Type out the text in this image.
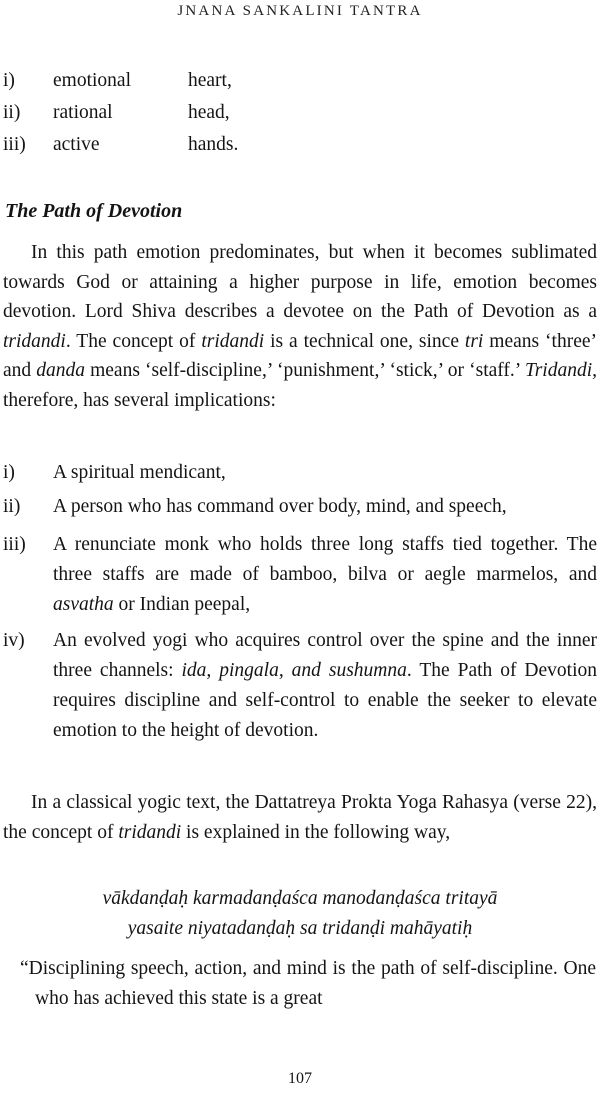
JNANA SANKALINI TANTRA
i) emotional	heart,
ii) rational	head,
iii) active	hands.
The Path of Devotion

In this path emotion predominates, but when it becomes sublimated towards God or attaining a higher purpose in life, emotion becomes devotion. Lord Shiva describes a devotee on the Path of Devotion as a tridandi. The concept of tridandi is a technical one, since tri means ‘three’ and danda means ‘self-discipline,’ ‘punishment,’ ‘stick,’ or ‘staff.’ Tridandi, therefore, has several implications:

i) A spiritual mendicant,
ii) A person who has command over body, mind, and speech,
iii) A renunciate monk who holds three long staffs tied together. The three staffs are made of bamboo, bilva or aegle marmelos, and asvatha or Indian peepal,
iv) An evolved yogi who acquires control over the spine and the inner three channels: ida, pingala, and sushumna. The Path of Devotion requires discipline and self-control to enable the seeker to elevate emotion to the height of devotion.

In a classical yogic text, the Dattatreya Prokta Yoga Rahasya (verse 22), the concept of tridandi is explained in the following way,

vākdanḍaḥ karmadanḍaśca manodanḍaśca tritayā
yasaite niyatadanḍaḥ sa tridanḍi mahāyatiḥ

“Disciplining speech, action, and mind is the path of self-discipline. One who has achieved this state is a great

107
